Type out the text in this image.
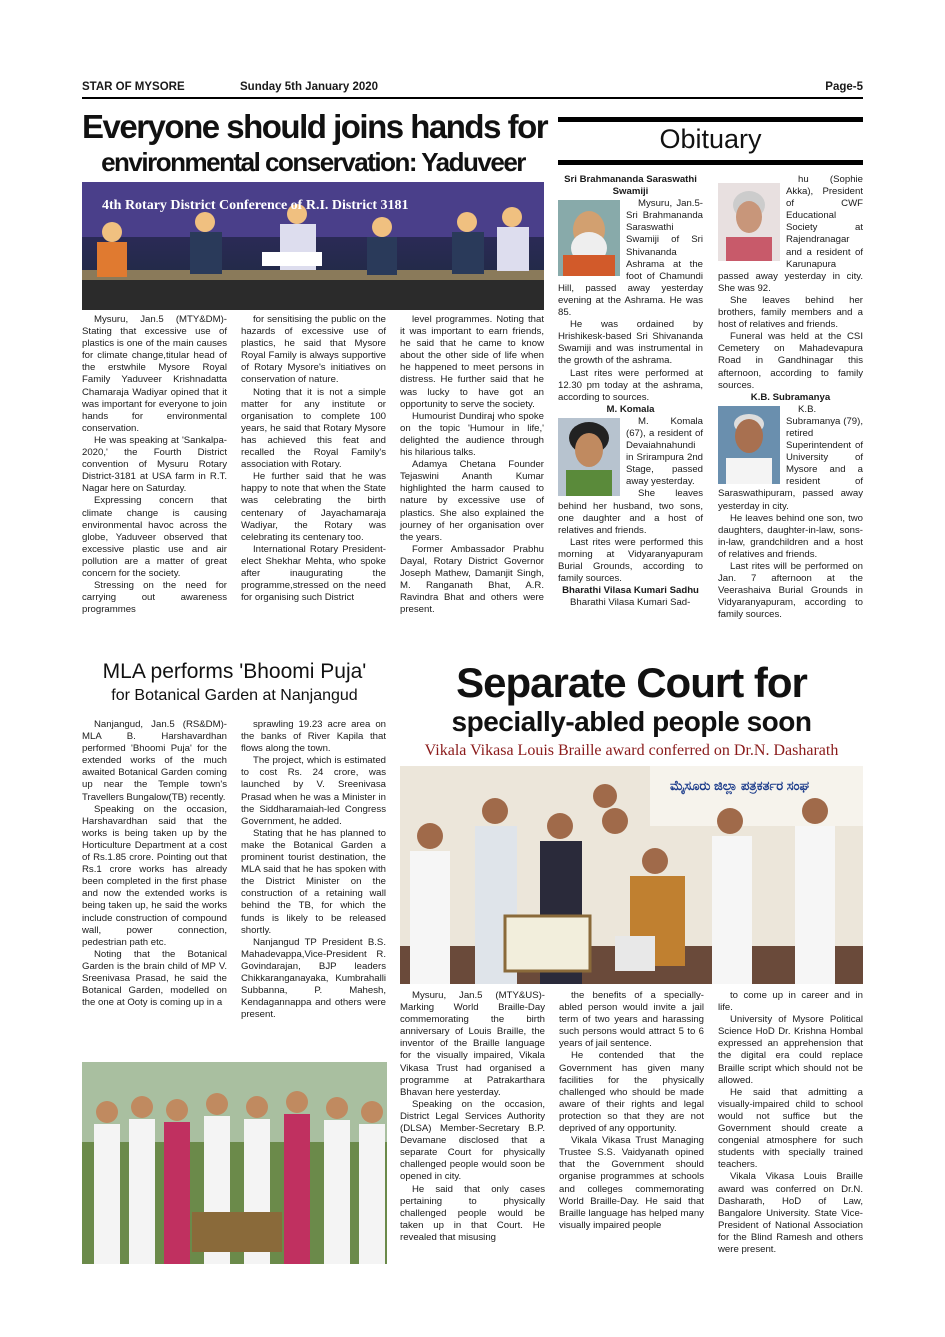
STAR OF MYSORE	Sunday 5th January 2020	Page-5
Everyone should joins hands for
environmental conservation: Yaduveer
4th Rotary District Conference of R.I. District 3181

Mysuru, Jan.5 (MTY&DM)- Stating that excessive use of plastics is one of the main causes for climate change,titular head of the erstwhile Mysore Royal Family Yaduveer Krishnadatta Chamaraja Wadiyar opined that it was important for everyone to join hands for environmental conservation.

He was speaking at 'Sankalpa-2020,' the Fourth District convention of Mysuru Rotary District-3181 at USA farm in R.T. Nagar here on Saturday.

Expressing concern that climate change is causing environmental havoc across the globe, Yaduveer observed that excessive plastic use and air pollution are a matter of great concern for the society.

Stressing on the need for carrying out awareness programmes

for sensitising the public on the hazards of excessive use of plastics, he said that Mysore Royal Family is always supportive of Rotary Mysore's initiatives on conservation of nature.

Noting that it is not a simple matter for any institute or organisation to complete 100 years, he said that Rotary Mysore has achieved this feat and recalled the Royal Family's association with Rotary.

He further said that he was happy to note that when the State was celebrating the birth centenary of Jayachamaraja Wadiyar, the Rotary was celebrating its centenary too.

International Rotary President-elect Shekhar Mehta, who spoke after inaugurating the programme,stressed on the need for organising such District

level programmes. Noting that it was important to earn friends, he said that he came to know about the other side of life when he happened to meet persons in distress. He further said that he was lucky to have got an opportunity to serve the society.

Humourist Dundiraj who spoke on the topic 'Humour in life,' delighted the audience through his hilarious talks.

Adamya Chetana Founder Tejaswini Ananth Kumar highlighted the harm caused to nature by excessive use of plastics. She also explained the journey of her organisation over the years.

Former Ambassador Prabhu Dayal, Rotary District Governor Joseph Mathew, Damanjit Singh, M. Ranganath Bhat, A.R. Ravindra Bhat and others were present.

Obituary

Sri Brahmananda Saraswathi Swamiji

Mysuru, Jan.5- Sri Brahmananda Saraswathi Swamiji of Sri Shivananda Ashrama at the foot of Chamundi Hill, passed away yesterday evening at the Ashrama. He was 85.

He was ordained by Hrishikesk-based Sri Shivananda Swamiji and was instrumental in the growth of the ashrama.

Last rites were performed at 12.30 pm today at the ashrama, according to sources.

M. Komala

M. Komala (67), a resident of Devaiahnahundi in Srirampura 2nd Stage, passed away yesterday.

She leaves behind her husband, two sons, one daughter and a host of relatives and friends.

Last rites were performed this morning at Vidyaranyapuram Burial Grounds, according to family sources.

Bharathi Vilasa Kumari Sadhu

Bharathi Vilasa Kumari Sad-

hu (Sophie Akka), President of CWF Educational Society at Rajendranagar and a resident of Karunapura passed away yesterday in city. She was 92.

She leaves behind her brothers, family members and a host of relatives and friends.

Funeral was held at the CSI Cemetery on Mahadevapura Road in Gandhinagar this afternoon, according to family sources.

K.B. Subramanya

K.B. Subramanya (79), retired Superintendent of University of Mysore and a resident of Saraswathipuram, passed away yesterday in city.

He leaves behind one son, two daughters, daughter-in-law, sons-in-law, grandchildren and a host of relatives and friends.

Last rites will be performed on Jan. 7 afternoon at the Veerashaiva Burial Grounds in Vidyaranyapuram, according to family sources.

MLA performs 'Bhoomi Puja'
for Botanical Garden at Nanjangud

Nanjangud, Jan.5 (RS&DM)- MLA B. Harshavardhan performed 'Bhoomi Puja' for the extended works of the much awaited Botanical Garden coming up near the Temple town's Travellers Bungalow(TB) recently.

Speaking on the occasion, Harshavardhan said that the works is being taken up by the Horticulture Department at a cost of Rs.1.85 crore. Pointing out that Rs.1 crore works has already been completed in the first phase and now the extended works is being taken up, he said the works include construction of compound wall, power connection, pedestrian path etc.

Noting that the Botanical Garden is the brain child of MP V. Sreenivasa Prasad, he said the Botanical Garden, modelled on the one at Ooty is coming up in a

sprawling 19.23 acre area on the banks of River Kapila that flows along the town.

The project, which is estimated to cost Rs. 24 crore, was launched by V. Sreenivasa Prasad when he was a Minister in the Siddharamaiah-led Congress Government, he added.

Stating that he has planned to make the Botanical Garden a prominent tourist destination, the MLA said that he has spoken with the District Minister on the construction of a retaining wall behind the TB, for which the funds is likely to be released shortly.

Nanjangud TP President B.S. Mahadevappa,Vice-President R. Govindarajan, BJP leaders Chikkaranganayaka, Kumbrahalli Subbanna, P. Mahesh, Kendagannappa and others were present.

Separate Court for
specially-abled people soon
Vikala Vikasa Louis Braille award conferred on Dr.N. Dasharath
ಮೈಸೂರು ಜಿಲ್ಲಾ ಪತ್ರಕರ್ತರ ಸಂಘ

Mysuru, Jan.5 (MTY&US)- Marking World Braille-Day commemorating the birth anniversary of Louis Braille, the inventor of the Braille language for the visually impaired, Vikala Vikasa Trust had organised a programme at Patrakarthara Bhavan here yesterday.

Speaking on the occasion, District Legal Services Authority (DLSA) Member-Secretary B.P. Devamane disclosed that a separate Court for physically challenged people would soon be opened in city.

He said that only cases pertaining to physically challenged people would be taken up in that Court. He revealed that misusing

the benefits of a specially-abled person would invite a jail term of two years and harassing such persons would attract 5 to 6 years of jail sentence.

He contended that the Government has given many facilities for the physically challenged who should be made aware of their rights and legal protection so that they are not deprived of any opportunity.

Vikala Vikasa Trust Managing Trustee S.S. Vaidyanath opined that the Government should organise programmes at schools and colleges commemorating World Braille-Day. He said that Braille language has helped many visually impaired people

to come up in career and in life.

University of Mysore Political Science HoD Dr. Krishna Hombal expressed an apprehension that the digital era could replace Braille script which should not be allowed.

He said that admitting a visually-impaired child to school would not suffice but the Government should create a congenial atmosphere for such students with specially trained teachers.

Vikala Vikasa Louis Braille award was conferred on Dr.N. Dasharath, HoD of Law, Bangalore University. State Vice-President of National Association for the Blind Ramesh and others were present.
